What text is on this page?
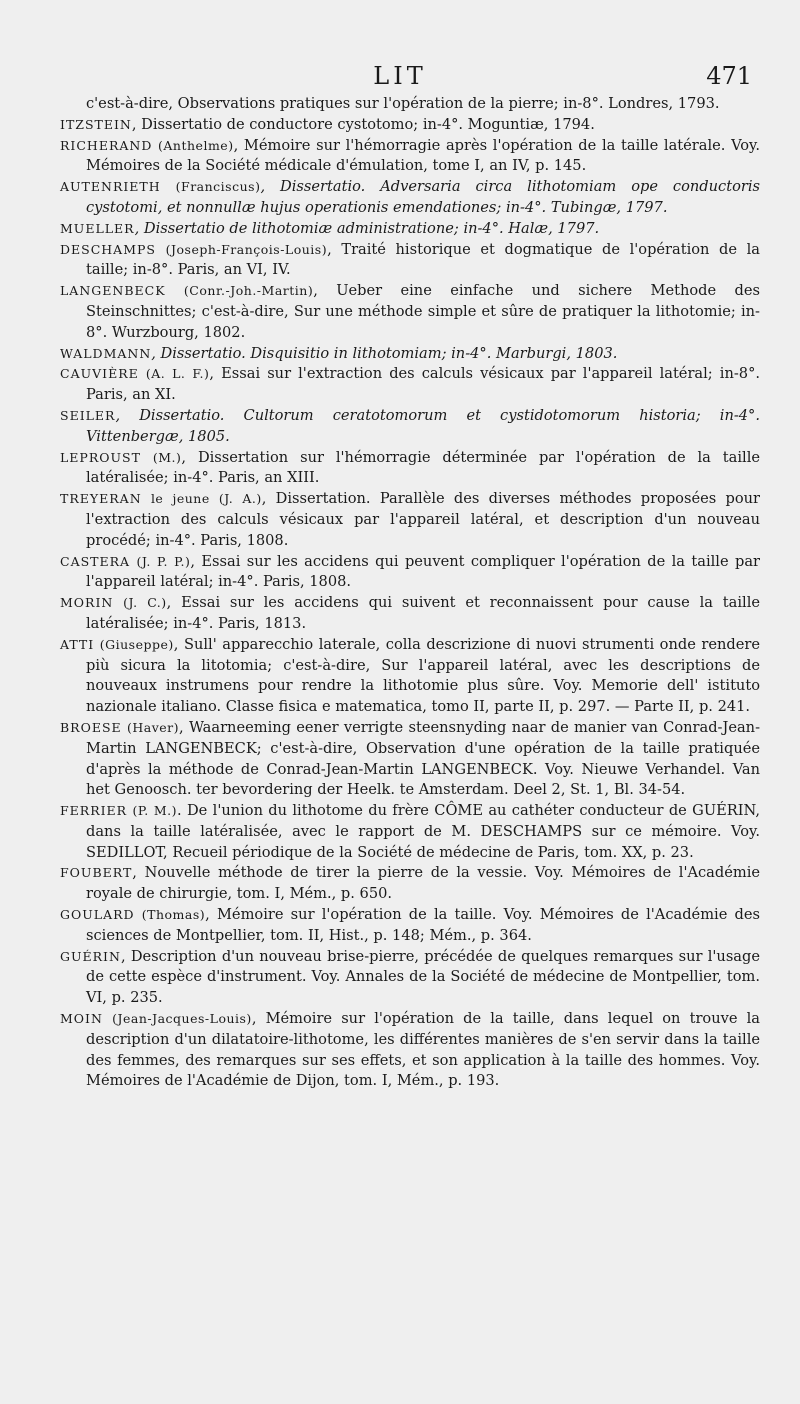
LIT	471

c'est-à-dire, Observations pratiques sur l'opération de la pierre; in-8°. Londres, 1793.

ITZSTEIN, Dissertatio de conductore cystotomo; in-4°. Moguntiæ, 1794.

RICHERAND (Anthelme), Mémoire sur l'hémorragie après l'opération de la taille latérale. Voy. Mémoires de la Société médicale d'émulation, tome I, an IV, p. 145.

AUTENRIETH (Franciscus), Dissertatio. Adversaria circa lithotomiam ope conductoris cystotomi, et nonnullæ hujus operationis emendationes; in-4°. Tubingæ, 1797.

MUELLER, Dissertatio de lithotomiæ administratione; in-4°. Halæ, 1797.

DESCHAMPS (Joseph-François-Louis), Traité historique et dogmatique de l'opération de la taille; in-8°. Paris, an VI, IV.

LANGENBECK (Conr.-Joh.-Martin), Ueber eine einfache und sichere Methode des Steinschnittes; c'est-à-dire, Sur une méthode simple et sûre de pratiquer la lithotomie; in-8°. Wurzbourg, 1802.

WALDMANN, Dissertatio. Disquisitio in lithotomiam; in-4°. Marburgi, 1803.

CAUVIÈRE (A. L. F.), Essai sur l'extraction des calculs vésicaux par l'appareil latéral; in-8°. Paris, an XI.

SEILER, Dissertatio. Cultorum ceratotomorum et cystidotomorum historia; in-4°. Vittenbergæ, 1805.

LEPROUST (M.), Dissertation sur l'hémorragie déterminée par l'opération de la taille latéralisée; in-4°. Paris, an XIII.

TREYERAN le jeune (J. A.), Dissertation. Parallèle des diverses méthodes proposées pour l'extraction des calculs vésicaux par l'appareil latéral, et description d'un nouveau procédé; in-4°. Paris, 1808.

CASTERA (J. P. P.), Essai sur les accidens qui peuvent compliquer l'opération de la taille par l'appareil latéral; in-4°. Paris, 1808.

MORIN (J. C.), Essai sur les accidens qui suivent et reconnaissent pour cause la taille latéralisée; in-4°. Paris, 1813.

ATTI (Giuseppe), Sull' apparecchio laterale, colla descrizione di nuovi strumenti onde rendere più sicura la litotomia; c'est-à-dire, Sur l'appareil latéral, avec les descriptions de nouveaux instrumens pour rendre la lithotomie plus sûre. Voy. Memorie dell' istituto nazionale italiano. Classe fisica e matematica, tomo II, parte II, p. 297. — Parte II, p. 241.

BROESE (Haver), Waarneeming eener verrigte steensnyding naar de manier van Conrad-Jean-Martin LANGENBECK; c'est-à-dire, Observation d'une opération de la taille pratiquée d'après la méthode de Conrad-Jean-Martin LANGENBECK. Voy. Nieuwe Verhandel. Van het Genoosch. ter bevordering der Heelk. te Amsterdam. Deel 2, St. 1, Bl. 34-54.

FERRIER (P. M.). De l'union du lithotome du frère CÔME au cathéter conducteur de GUÉRIN, dans la taille latéralisée, avec le rapport de M. DESCHAMPS sur ce mémoire. Voy. SEDILLOT, Recueil périodique de la Société de médecine de Paris, tom. XX, p. 23.

FOUBERT, Nouvelle méthode de tirer la pierre de la vessie. Voy. Mémoires de l'Académie royale de chirurgie, tom. I, Mém., p. 650.

GOULARD (Thomas), Mémoire sur l'opération de la taille. Voy. Mémoires de l'Académie des sciences de Montpellier, tom. II, Hist., p. 148; Mém., p. 364.

GUÉRIN, Description d'un nouveau brise-pierre, précédée de quelques remarques sur l'usage de cette espèce d'instrument. Voy. Annales de la Société de médecine de Montpellier, tom. VI, p. 235.

MOIN (Jean-Jacques-Louis), Mémoire sur l'opération de la taille, dans lequel on trouve la description d'un dilatatoire-lithotome, les différentes manières de s'en servir dans la taille des femmes, des remarques sur ses effets, et son application à la taille des hommes. Voy. Mémoires de l'Académie de Dijon, tom. I, Mém., p. 193.
